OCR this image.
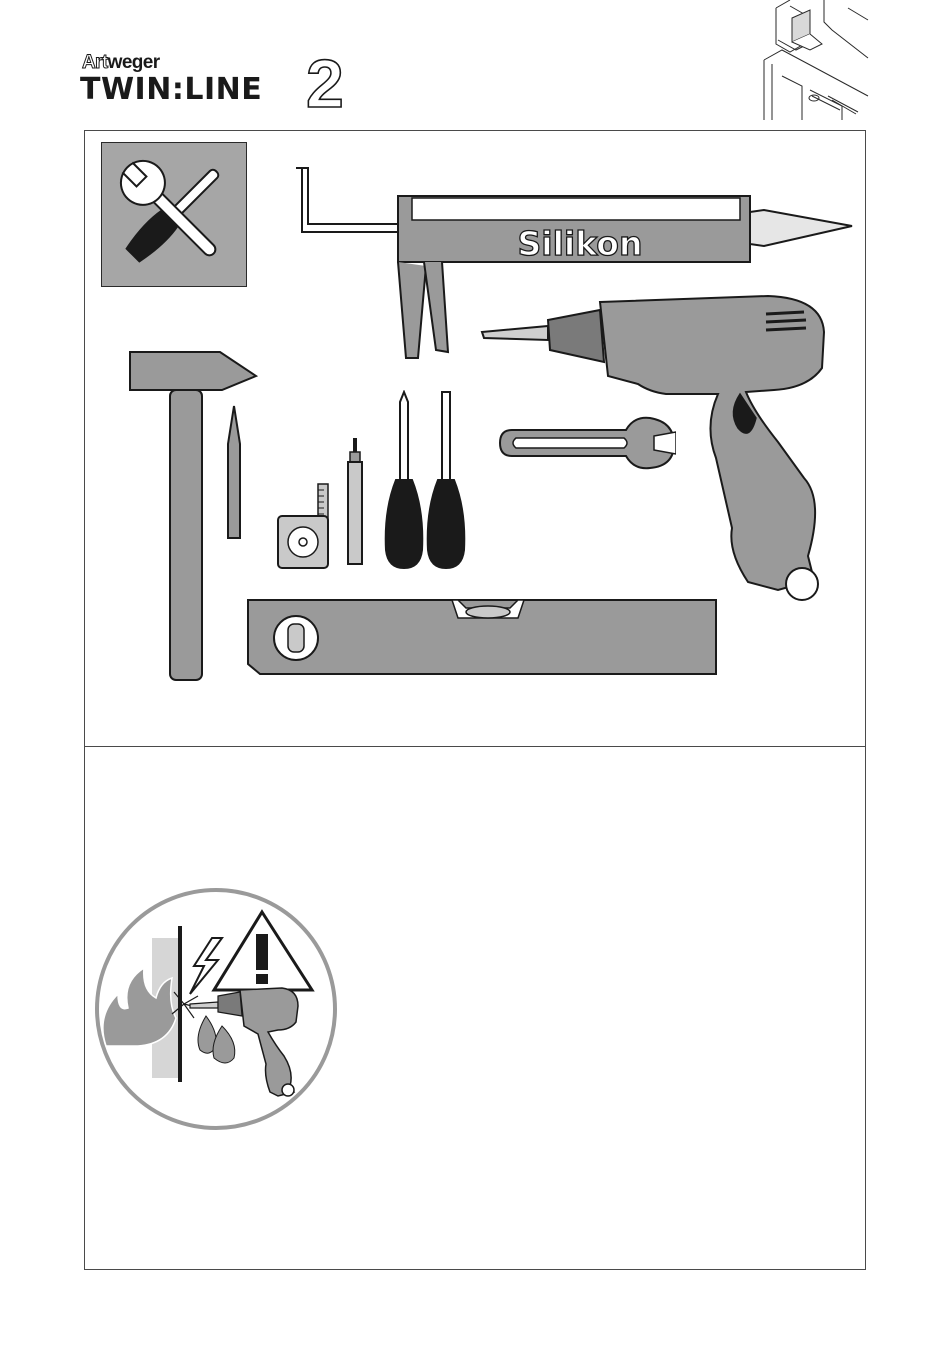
Artweger
TWIN:LINE 2
Silikon
